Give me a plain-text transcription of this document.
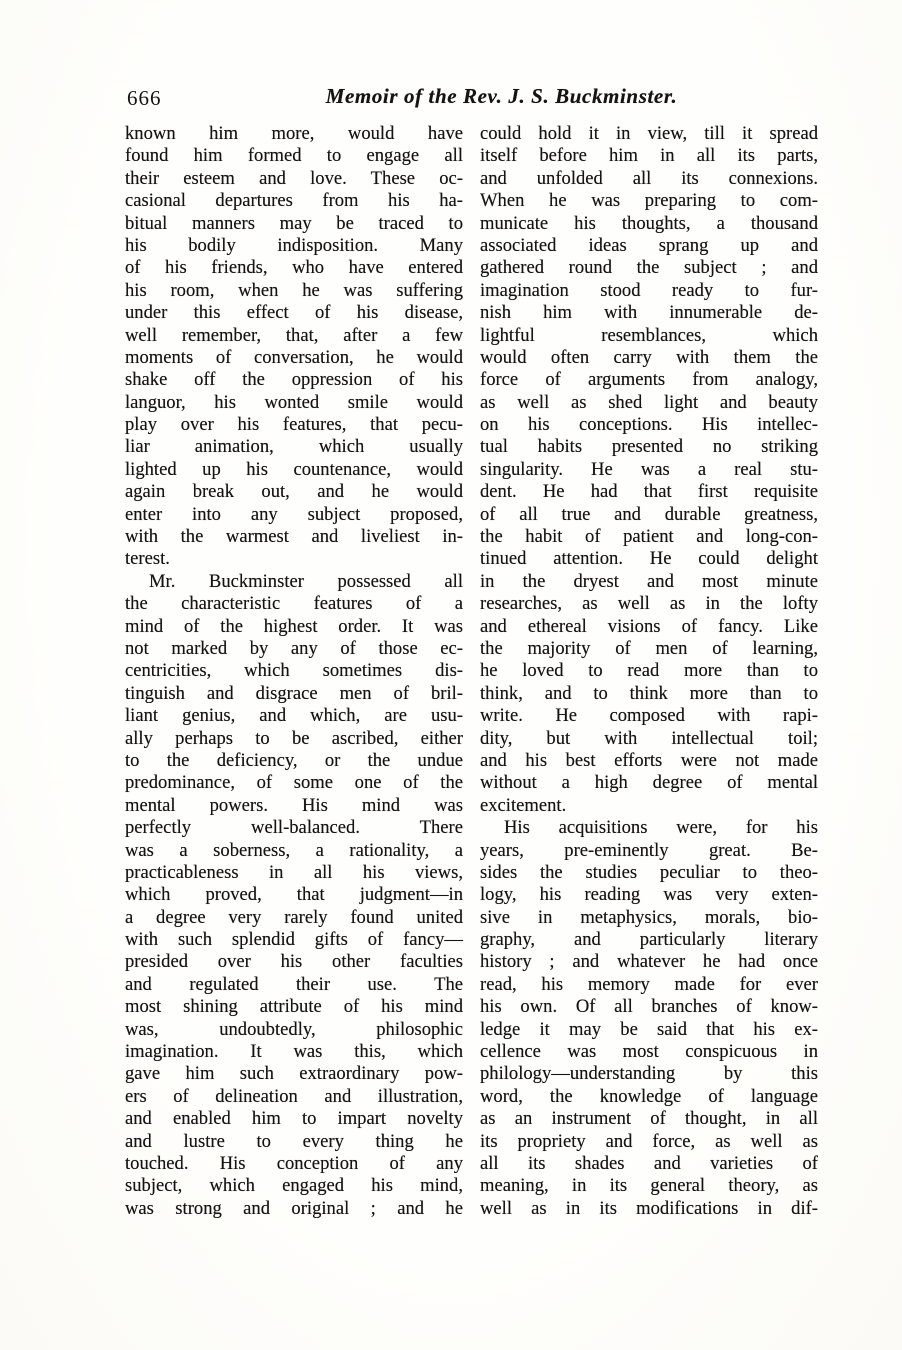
666	Memoir of the Rev. J. S. Buckminster.
known him more, would have
found him formed to engage all
their esteem and love. These oc-
casional departures from his ha-
bitual manners may be traced to
his bodily indisposition. Many
of his friends, who have entered
his room, when he was suffering
under this effect of his disease,
well remember, that, after a few
moments of conversation, he would
shake off the oppression of his
languor, his wonted smile would
play over his features, that pecu-
liar animation, which usually
lighted up his countenance, would
again break out, and he would
enter into any subject proposed,
with the warmest and liveliest in-
terest.
Mr. Buckminster possessed all
the characteristic features of a
mind of the highest order. It was
not marked by any of those ec-
centricities, which sometimes dis-
tinguish and disgrace men of bril-
liant genius, and which, are usu-
ally perhaps to be ascribed, either
to the deficiency, or the undue
predominance, of some one of the
mental powers. His mind was
perfectly well-balanced. There
was a soberness, a rationality, a
practicableness in all his views,
which proved, that judgment—in
a degree very rarely found united
with such splendid gifts of fancy—
presided over his other faculties
and regulated their use. The
most shining attribute of his mind
was, undoubtedly, philosophic
imagination. It was this, which
gave him such extraordinary pow-
ers of delineation and illustration,
and enabled him to impart novelty
and lustre to every thing he
touched. His conception of any
subject, which engaged his mind,
was strong and original ; and he
could hold it in view, till it spread
itself before him in all its parts,
and unfolded all its connexions.
When he was preparing to com-
municate his thoughts, a thousand
associated ideas sprang up and
gathered round the subject ; and
imagination stood ready to fur-
nish him with innumerable de-
lightful resemblances, which
would often carry with them the
force of arguments from analogy,
as well as shed light and beauty
on his conceptions. His intellec-
tual habits presented no striking
singularity. He was a real stu-
dent. He had that first requisite
of all true and durable greatness,
the habit of patient and long-con-
tinued attention. He could delight
in the dryest and most minute
researches, as well as in the lofty
and ethereal visions of fancy. Like
the majority of men of learning,
he loved to read more than to
think, and to think more than to
write. He composed with rapi-
dity, but with intellectual toil;
and his best efforts were not made
without a high degree of mental
excitement.
His acquisitions were, for his
years, pre-eminently great. Be-
sides the studies peculiar to theo-
logy, his reading was very exten-
sive in metaphysics, morals, bio-
graphy, and particularly literary
history ; and whatever he had once
read, his memory made for ever
his own. Of all branches of know-
ledge it may be said that his ex-
cellence was most conspicuous in
philology—understanding by this
word, the knowledge of language
as an instrument of thought, in all
its propriety and force, as well as
all its shades and varieties of
meaning, in its general theory, as
well as in its modifications in dif-
